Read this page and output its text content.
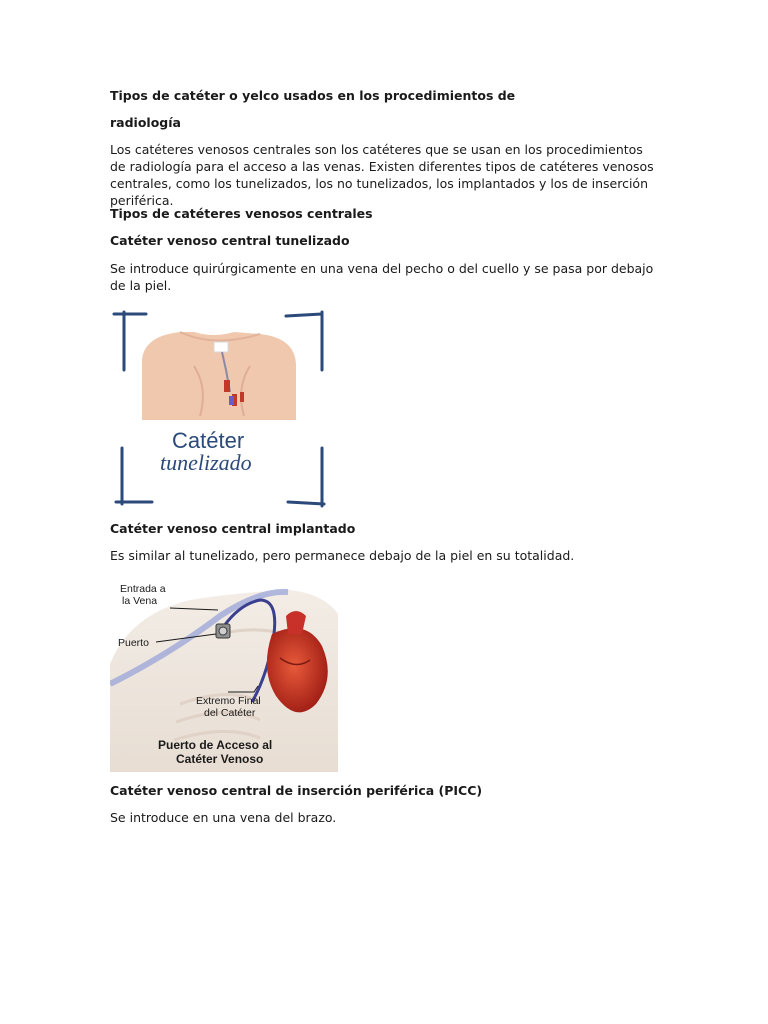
Tipos de catéter o yelco usados en los procedimientos de

radiología

Los catéteres venosos centrales son los catéteres que se usan en los procedimientos de radiología para el acceso a las venas. Existen diferentes tipos de catéteres venosos centrales, como los tunelizados, los no tunelizados, los implantados y los de inserción periférica.

Tipos de catéteres venosos centrales

Catéter venoso central tunelizado

Se introduce quirúrgicamente en una vena del pecho o del cuello y se pasa por debajo de la piel.

Catéter
tunelizado

Catéter venoso central implantado

Es similar al tunelizado, pero permanece debajo de la piel en su totalidad.

Entrada a
la Vena
Puerto
Extremo Final
del Catéter
Puerto de Acceso al
Catéter Venoso

Catéter venoso central de inserción periférica (PICC)

Se introduce en una vena del brazo.
